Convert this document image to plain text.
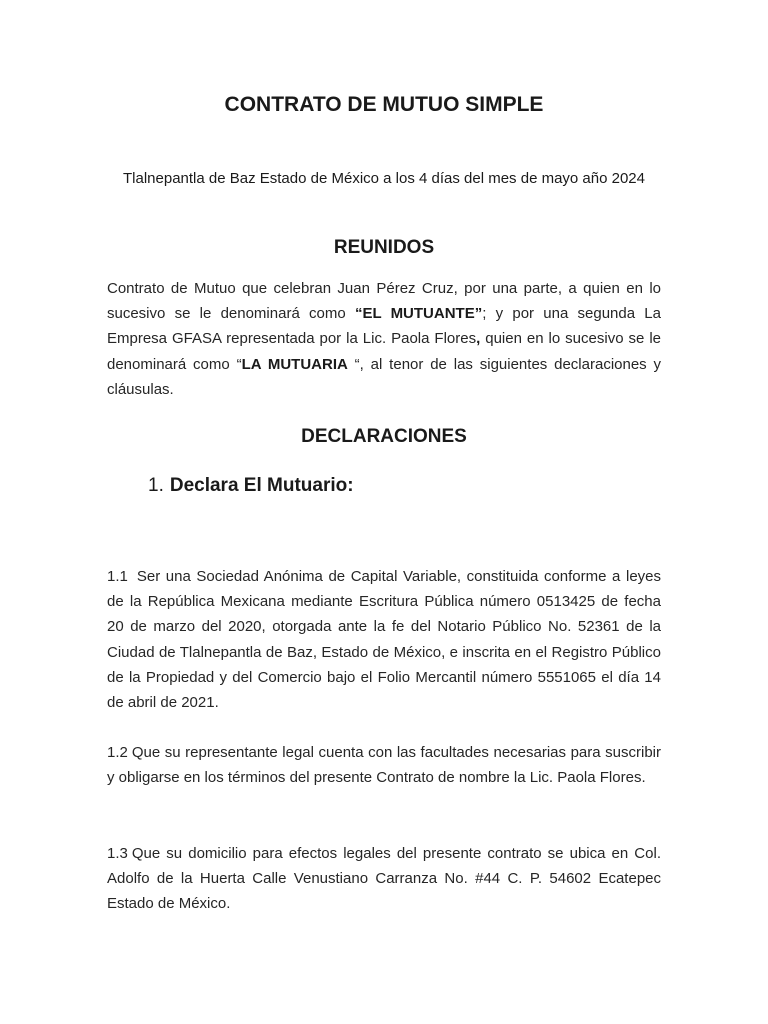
CONTRATO DE MUTUO SIMPLE

Tlalnepantla de Baz Estado de México a los 4 días del mes de mayo año 2024

REUNIDOS

Contrato de Mutuo que celebran Juan Pérez Cruz, por una parte, a quien en lo sucesivo se le denominará como “EL MUTUANTE”; y por una segunda La Empresa GFASA representada por la Lic. Paola Flores, quien en lo sucesivo se le denominará como “LA MUTUARIA “, al tenor de las siguientes declaraciones y cláusulas.

DECLARACIONES

1. Declara El Mutuario:

1.1 Ser una Sociedad Anónima de Capital Variable, constituida conforme a leyes de la República Mexicana mediante Escritura Pública número 0513425 de fecha 20 de marzo del 2020, otorgada ante la fe del Notario Público No. 52361 de la Ciudad de Tlalnepantla de Baz, Estado de México, e inscrita en el Registro Público de la Propiedad y del Comercio bajo el Folio Mercantil número 5551065 el día 14 de abril de 2021.

1.2 Que su representante legal cuenta con las facultades necesarias para suscribir y obligarse en los términos del presente Contrato de nombre la Lic. Paola Flores.

1.3 Que su domicilio para efectos legales del presente contrato se ubica en Col. Adolfo de la Huerta Calle Venustiano Carranza No. #44 C. P. 54602 Ecatepec Estado de México.
